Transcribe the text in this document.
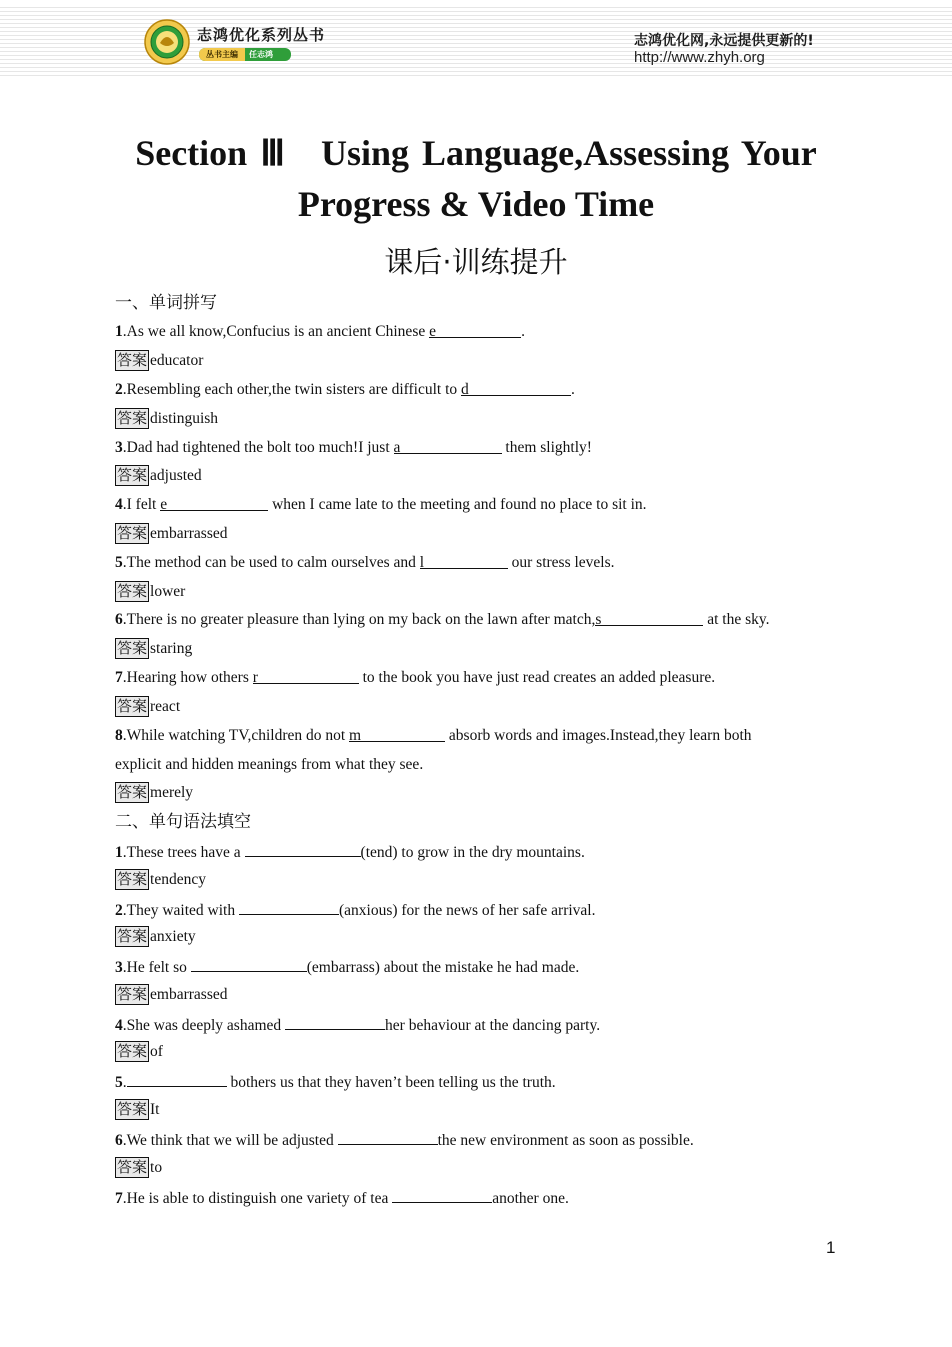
志鸿优化系列丛书
丛书主编	任志鸿
志鸿优化网,永远提供更新的!
http://www.zhyh.org
Section Ⅲ　Using Language,Assessing Your
Progress & Video Time
课后·训练提升
一、单词拼写
1.As we all know,Confucius is an ancient Chinese e	.
答案 educator
2.Resembling each other,the twin sisters are difficult to d	.
答案 distinguish
3.Dad had tightened the bolt too much!I just a	them slightly!
答案 adjusted
4.I felt e	when I came late to the meeting and found no place to sit in.
答案 embarrassed
5.The method can be used to calm ourselves and l	our stress levels.
答案 lower
6.There is no greater pleasure than lying on my back on the lawn after match,s	at the sky.
答案 staring
7.Hearing how others r	to the book you have just read creates an added pleasure.
答案 react
8.While watching TV,children do not m	absorb words and images.Instead,they learn both
explicit and hidden meanings from what they see.
答案 merely
二、单句语法填空
1.These trees have a	(tend) to grow in the dry mountains.
答案 tendency
2.They waited with	(anxious) for the news of her safe arrival.
答案 anxiety
3.He felt so	(embarrass) about the mistake he had made.
答案 embarrassed
4.She was deeply ashamed	her behaviour at the dancing party.
答案 of
5.	bothers us that they haven’t been telling us the truth.
答案 It
6.We think that we will be adjusted	the new environment as soon as possible.
答案 to
7.He is able to distinguish one variety of tea	another one.
1
